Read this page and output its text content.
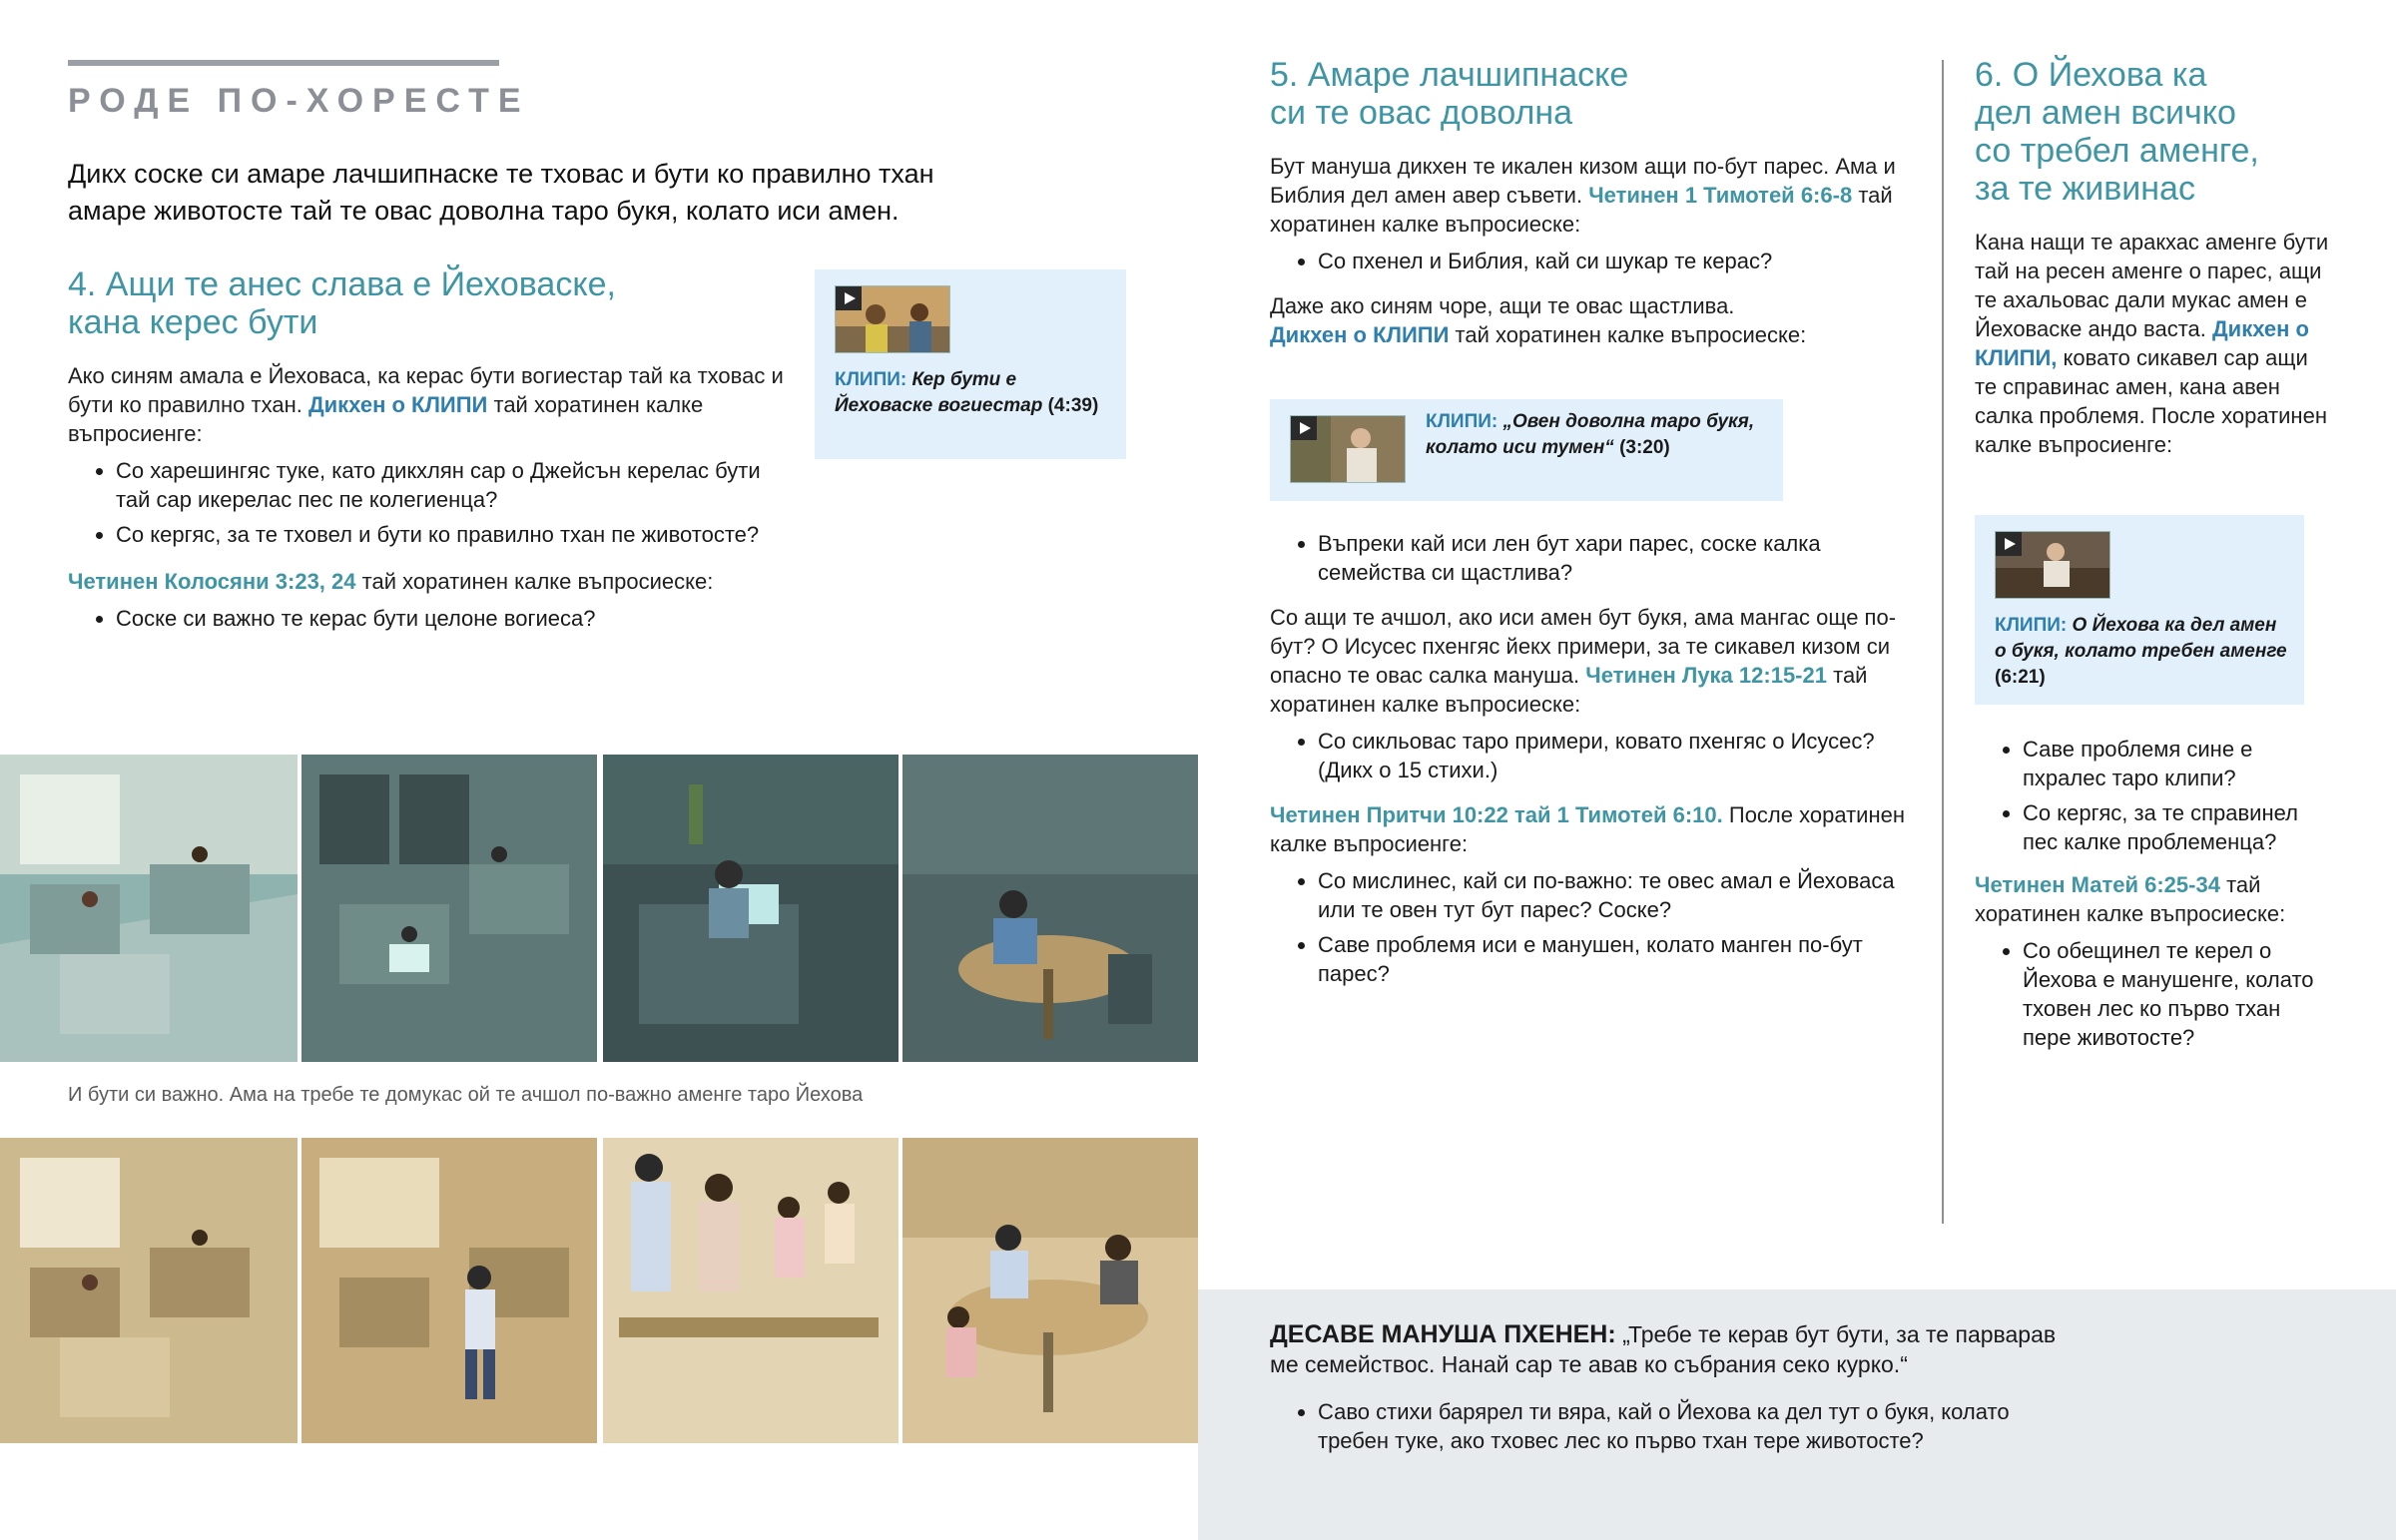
РОДЕ ПО-ХОРЕСТЕ
Дикх соске си амаре лачшипнаске те тховас и бути ко правилно тхан амаре животосте тай те овас доволна таро букя, колато иси амен.
4. Ащи те анес слава е Йеховаске,
кана керес бути
Ако синям амала е Йеховаса, ка керас бути вогиестар тай ка тховас и бути ко правилно тхан. Дикхен о КЛИПИ тай хоратинен калке въпросиенге:
• Со харешингяс туке, като дикхлян сар о Джейсън керелас бути тай сар икерелас пес пе колегиенца?
• Со кергяс, за те тховел и бути ко правилно тхан пе животосте?
Четинен Колосяни 3:23, 24 тай хоратинен калке въпросиеске:
• Соске си важно те керас бути целоне вогиеса?
КЛИПИ: Кер бути е
Йеховаске вогиестар (4:39)
И бути си важно. Ама на требе те домукас ой те ачшол по-важно аменге таро Йехова
5. Амаре лачшипнаске
си те овас доволна
Бут мануша дикхен те икален кизом ащи по-бут парес. Ама и Библия дел амен авер съвети. Четинен 1 Тимотей 6:6-8 тай хоратинен калке въпросиеске:
• Со пхенел и Библия, кай си шукар те керас?
Даже ако синям чоре, ащи те овас щастлива.
Дикхен о КЛИПИ тай хоратинен калке въпросиеске:
КЛИПИ: „Овен доволна таро букя,
колато иси тумен“ (3:20)
• Въпреки кай иси лен бут хари парес, соске калка семейства си щастлива?
Со ащи те ачшол, ако иси амен бут букя, ама мангас още по-бут? О Исусес пхенгяс йекх примери, за те сикавел кизом си опасно те овас салка мануша. Четинен Лука 12:15-21 тай хоратинен калке въпросиеске:
• Со сикльовас таро примери, ковато пхенгяс о Исусес? (Дикх о 15 стихи.)
Четинен Притчи 10:22 тай 1 Тимотей 6:10. После хоратинен калке въпросиенге:
• Со мислинес, кай си по-важно: те овес амал е Йеховаса или те овен тут бут парес? Соске?
• Саве проблемя иси е манушен, колато манген по-бут парес?
6. О Йехова ка
дел амен всичко
со требел аменге,
за те живинас
Кана нащи те аракхас аменге бути тай на ресен аменге о парес, ащи те ахальовас дали мукас амен е Йеховаске андо васта. Дикхен о КЛИПИ, ковато сикавел сар ащи те справинас амен, кана авен салка проблемя. После хоратинен калке въпросиенге:
КЛИПИ: О Йехова ка дел амен
о букя, колато требен аменге
(6:21)
• Саве проблемя сине е пхралес таро клипи?
• Со кергяс, за те справинел пес калке проблеменца?
Четинен Матей 6:25-34 тай хоратинен калке въпросиеске:
• Со обещинел те керел о Йехова е манушенге, колато тховен лес ко първо тхан пере животосте?
ДЕСАВЕ МАНУША ПХЕНЕН: „Требе те керав бут бути, за те парварав ме семействос. Нанай сар те авав ко събрания секо курко.“
• Саво стихи барярел ти вяра, кай о Йехова ка дел тут о букя, колато требен туке, ако тховес лес ко първо тхан тере животосте?
